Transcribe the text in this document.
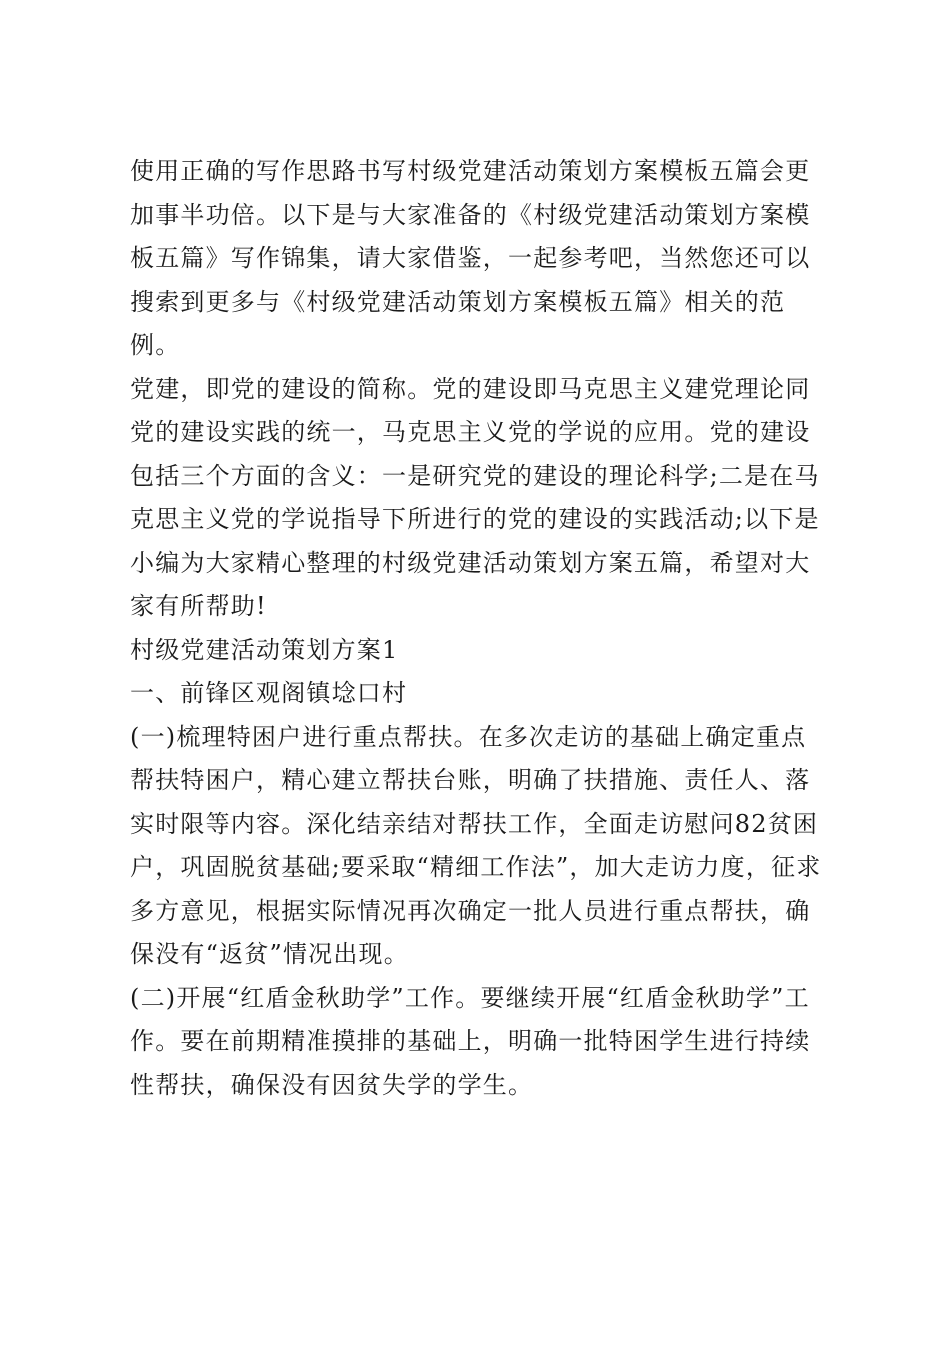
使用正确的写作思路书写村级党建活动策划方案模板五篇会更加事半功倍。以下是与大家准备的《村级党建活动策划方案模板五篇》写作锦集，请大家借鉴，一起参考吧，当然您还可以搜索到更多与《村级党建活动策划方案模板五篇》相关的范例。

党建，即党的建设的简称。党的建设即马克思主义建党理论同党的建设实践的统一，马克思主义党的学说的应用。党的建设包括三个方面的含义：一是研究党的建设的理论科学;二是在马克思主义党的学说指导下所进行的党的建设的实践活动;以下是小编为大家精心整理的村级党建活动策划方案五篇，希望对大家有所帮助!

村级党建活动策划方案1

一、前锋区观阁镇埝口村

(一)梳理特困户进行重点帮扶。在多次走访的基础上确定重点帮扶特困户，精心建立帮扶台账，明确了扶措施、责任人、落实时限等内容。深化结亲结对帮扶工作，全面走访慰问82贫困户，巩固脱贫基础;要采取“精细工作法”，加大走访力度，征求多方意见，根据实际情况再次确定一批人员进行重点帮扶，确保没有“返贫”情况出现。

(二)开展“红盾金秋助学”工作。要继续开展“红盾金秋助学”工作。要在前期精准摸排的基础上，明确一批特困学生进行持续性帮扶，确保没有因贫失学的学生。
